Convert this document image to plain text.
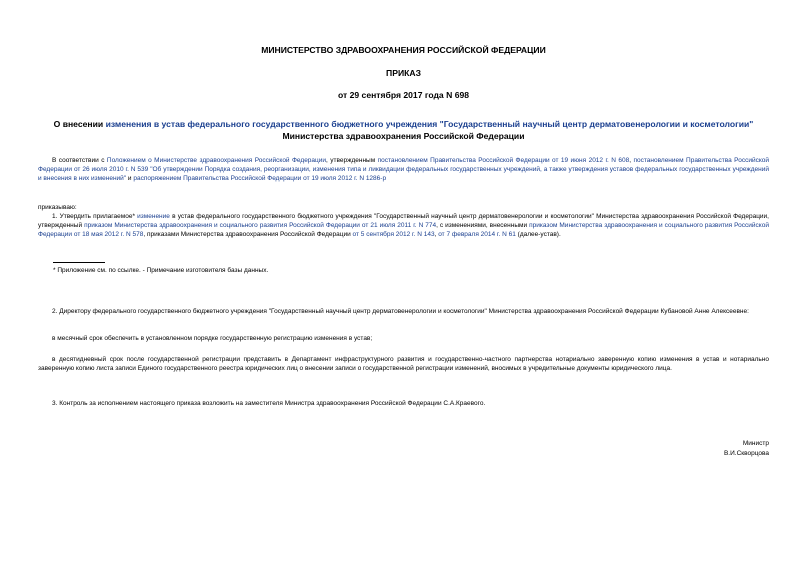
МИНИСТЕРСТВО ЗДРАВООХРАНЕНИЯ РОССИЙСКОЙ ФЕДЕРАЦИИ
ПРИКАЗ
от 29 сентября 2017 года N 698
О внесении изменения в устав федерального государственного бюджетного учреждения "Государственный научный центр дерматовенерологии и косметологии" Министерства здравоохранения Российской Федерации
В соответствии с Положением о Министерстве здравоохранения Российской Федерации, утвержденным постановлением Правительства Российской Федерации от 19 июня 2012 г. N 608, постановлением Правительства Российской Федерации от 26 июля 2010 г. N 539 "Об утверждении Порядка создания, реорганизации, изменения типа и ликвидации федеральных государственных учреждений, а также утверждения уставов федеральных государственных учреждений и внесения в них изменений" и распоряжением Правительства Российской Федерации от 19 июля 2012 г. N 1286-р
приказываю:
1. Утвердить прилагаемое* изменение в устав федерального государственного бюджетного учреждения "Государственный научный центр дерматовенерологии и косметологии" Министерства здравоохранения Российской Федерации, утвержденный приказом Министерства здравоохранения и социального развития Российской Федерации от 21 июля 2011 г. N 774, с изменениями, внесенными приказом Министерства здравоохранения и социального развития Российской Федерации от 18 мая 2012 г. N 578, приказами Министерства здравоохранения Российской Федерации от 5 сентября 2012 г. N 143, от 7 февраля 2014 г. N 61 (далее-устав).
* Приложение см. по ссылке. - Примечание изготовителя базы данных.
2. Директору федерального государственного бюджетного учреждения "Государственный научный центр дерматовенерологии и косметологии" Министерства здравоохранения Российской Федерации Кубановой Анне Алексеевне:
в месячный срок обеспечить в установленном порядке государственную регистрацию изменения в устав;
в десятидневный срок после государственной регистрации представить в Департамент инфраструктурного развития и государственно-частного партнерства нотариально заверенную копию изменения в устав и нотариально заверенную копию листа записи Единого государственного реестра юридических лиц о внесении записи о государственной регистрации изменений, вносимых в учредительные документы юридического лица.
3. Контроль за исполнением настоящего приказа возложить на заместителя Министра здравоохранения Российской Федерации С.А.Краевого.
Министр
В.И.Скворцова
